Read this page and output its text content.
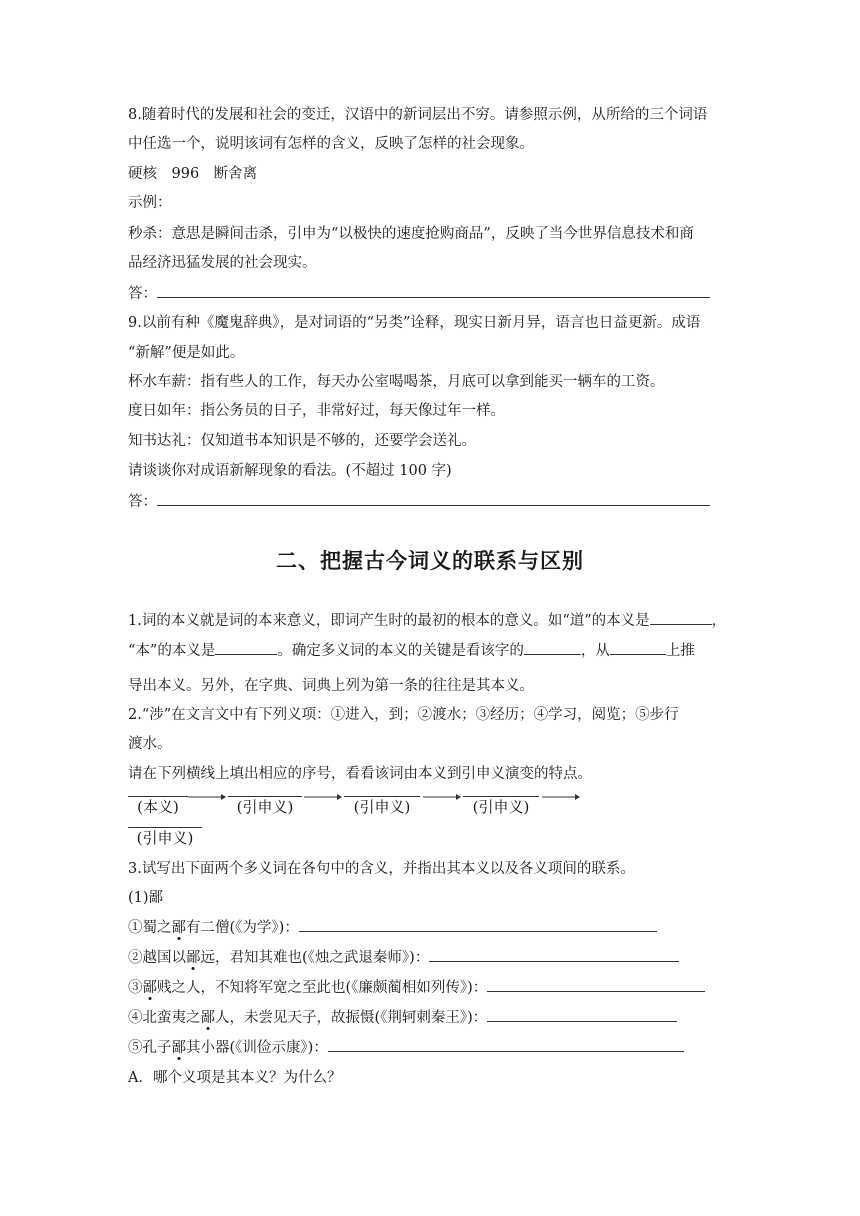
8.随着时代的发展和社会的变迁，汉语中的新词层出不穷。请参照示例，从所给的三个词语
中任选一个，说明该词有怎样的含义，反映了怎样的社会现象。
硬核　996　断舍离
示例：
秒杀：意思是瞬间击杀，引申为“以极快的速度抢购商品”，反映了当今世界信息技术和商
品经济迅猛发展的社会现实。
答：
9.以前有种《魔鬼辞典》，是对词语的“另类”诠释，现实日新月异，语言也日益更新。成语
“新解”便是如此。
杯水车薪：指有些人的工作，每天办公室喝喝茶，月底可以拿到能买一辆车的工资。
度日如年：指公务员的日子，非常好过，每天像过年一样。
知书达礼：仅知道书本知识是不够的，还要学会送礼。
请谈谈你对成语新解现象的看法。(不超过 100 字)
答：
二、把握古今词义的联系与区别
1.词的本义就是词的本来意义，即词产生时的最初的根本的意义。如“道”的本义是	，
“本”的本义是	。确定多义词的本义的关键是看该字的	，从	上推
导出本义。另外，在字典、词典上列为第一条的往往是其本义。
2.“涉”在文言文中有下列义项：①进入，到；②渡水；③经历；④学习，阅览；⑤步行
渡水。
请在下列横线上填出相应的序号，看看该词由本义到引申义演变的特点。
(本义)	(引申义)	(引申义)	(引申义)
(引申义)
3.试写出下面两个多义词在各句中的含义，并指出其本义以及各义项间的联系。
(1)鄙
①蜀之鄙有二僧(《为学》)：
②越国以鄙远，君知其难也(《烛之武退秦师》)：
③鄙贱之人，不知将军宽之至此也(《廉颇蔺相如列传》)：
④北蛮夷之鄙人，未尝见天子，故振慑(《荆轲刺秦王》)：
⑤孔子鄙其小器(《训俭示康》)：
A．哪个义项是其本义？为什么？
